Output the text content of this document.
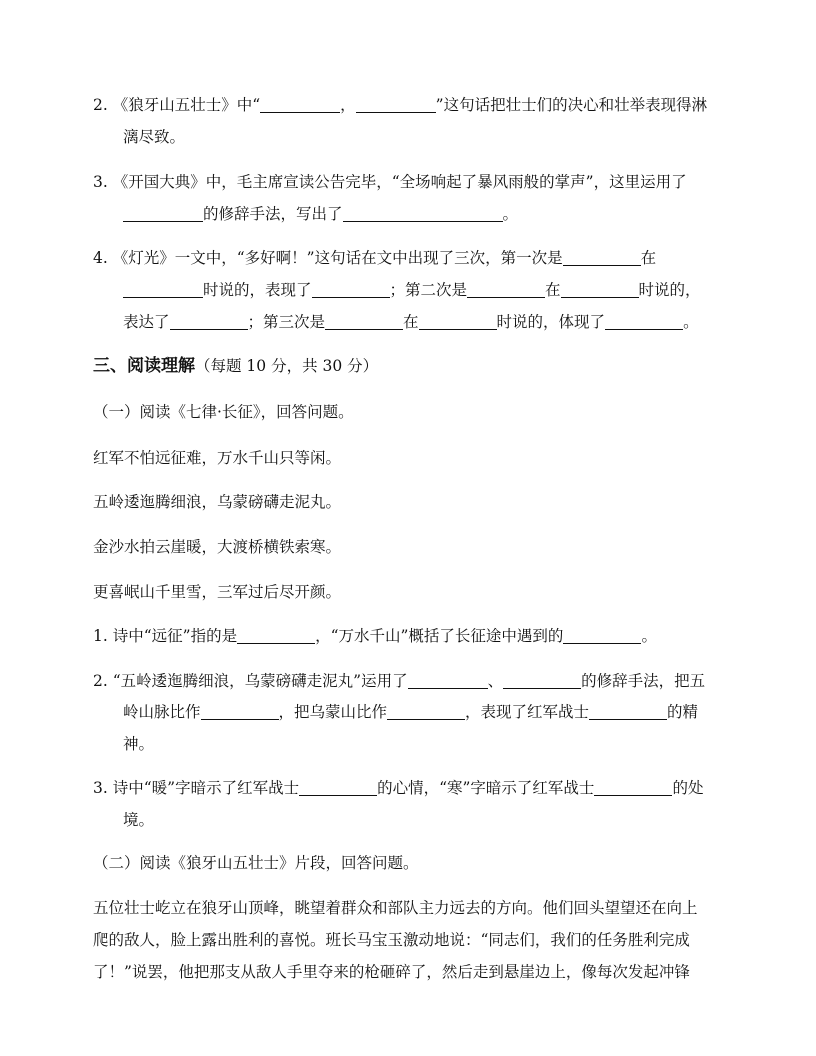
2. 《狼牙山五壮士》中“	，	”这句话把壮士们的决心和壮举表现得淋
漓尽致。
3. 《开国大典》中，毛主席宣读公告完毕，“全场响起了暴风雨般的掌声”，这里运用了
的修辞手法，写出了	。
4. 《灯光》一文中，“多好啊！”这句话在文中出现了三次，第一次是	在
时说的，表现了	；第二次是	在	时说的，
表达了	；第三次是	在	时说的，体现了	。
三、阅读理解（每题 10 分，共 30 分）
（一）阅读《七律·长征》，回答问题。
红军不怕远征难，万水千山只等闲。
五岭逶迤腾细浪，乌蒙磅礴走泥丸。
金沙水拍云崖暖，大渡桥横铁索寒。
更喜岷山千里雪，三军过后尽开颜。
1. 诗中“远征”指的是	，“万水千山”概括了长征途中遇到的	。
2. “五岭逶迤腾细浪，乌蒙磅礴走泥丸”运用了	、	的修辞手法，把五
岭山脉比作	，把乌蒙山比作	，表现了红军战士	的精
神。
3. 诗中“暖”字暗示了红军战士	的心情，“寒”字暗示了红军战士	的处
境。
（二）阅读《狼牙山五壮士》片段，回答问题。
五位壮士屹立在狼牙山顶峰，眺望着群众和部队主力远去的方向。他们回头望望还在向上
爬的敌人，脸上露出胜利的喜悦。班长马宝玉激动地说：“同志们，我们的任务胜利完成
了！”说罢，他把那支从敌人手里夺来的枪砸碎了，然后走到悬崖边上，像每次发起冲锋
